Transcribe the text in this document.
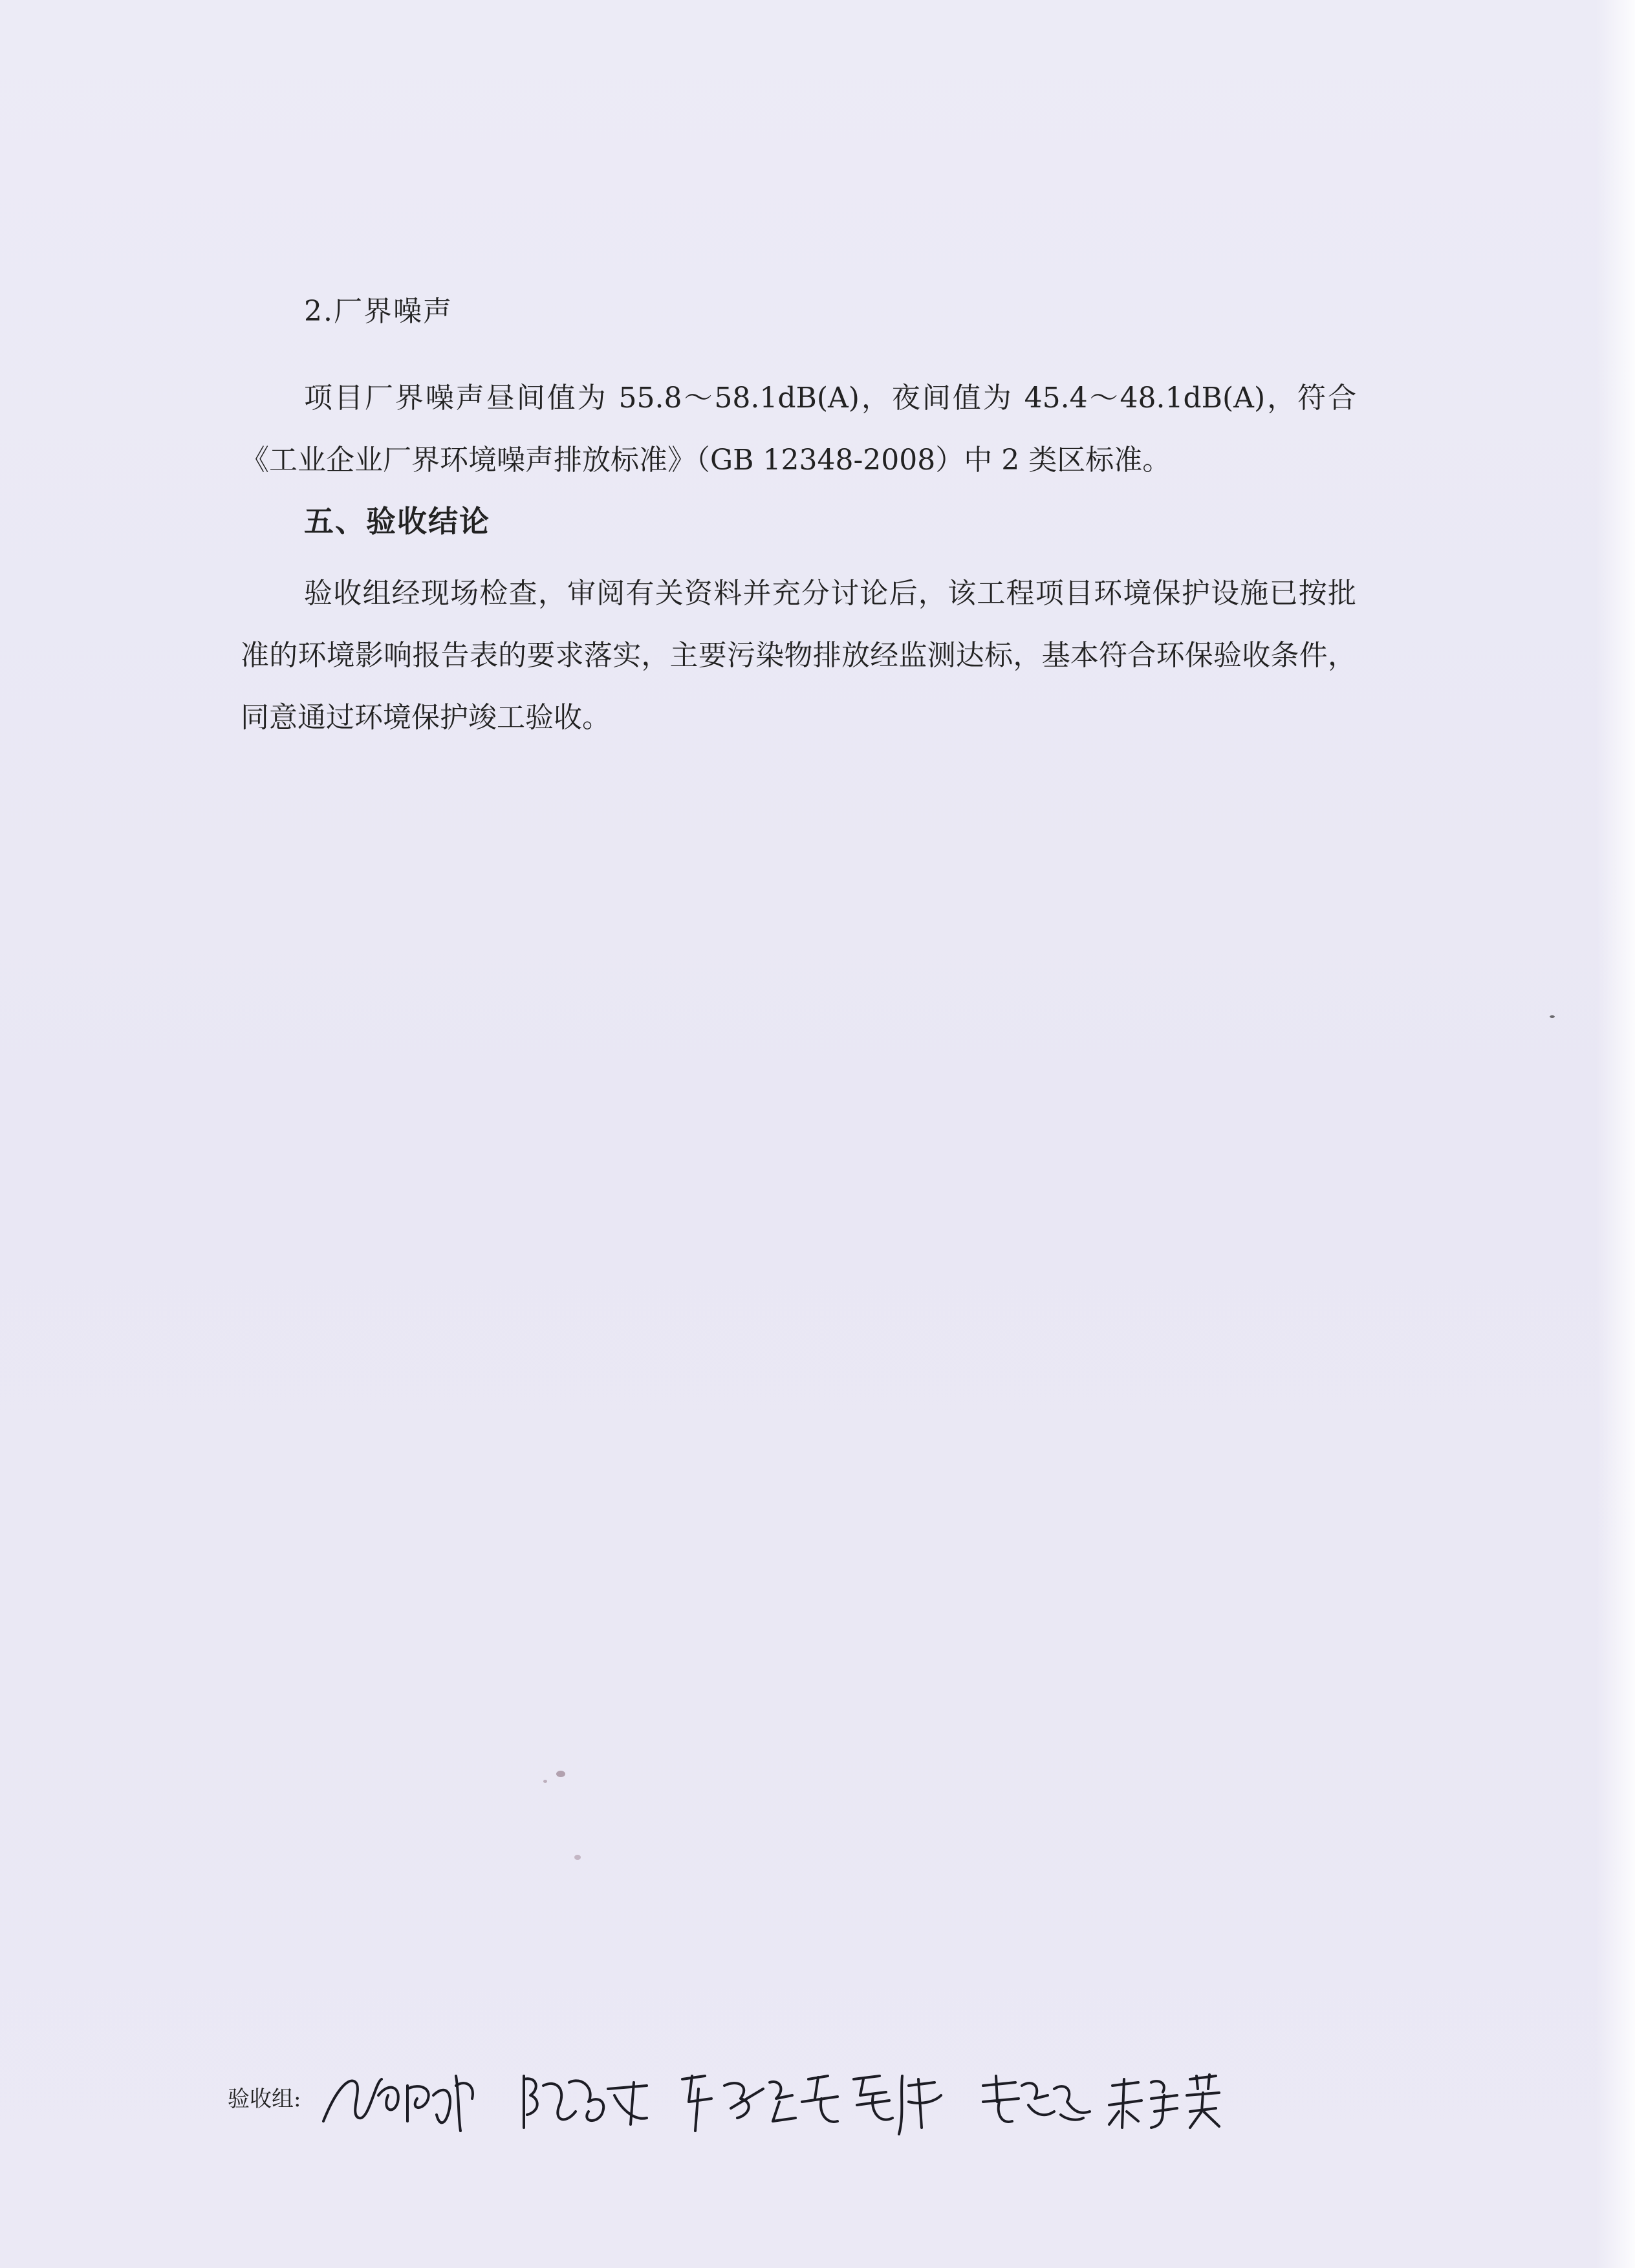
2.厂界噪声
项目厂界噪声昼间值为 55.8～58.1dB(A)，夜间值为 45.4～48.1dB(A)，符合《工业企业厂界环境噪声排放标准》（GB 12348-2008）中 2 类区标准。
五、验收结论
验收组经现场检查，审阅有关资料并充分讨论后，该工程项目环境保护设施已按批准的环境影响报告表的要求落实，主要污染物排放经监测达标，基本符合环保验收条件，同意通过环境保护竣工验收。
验收组:
